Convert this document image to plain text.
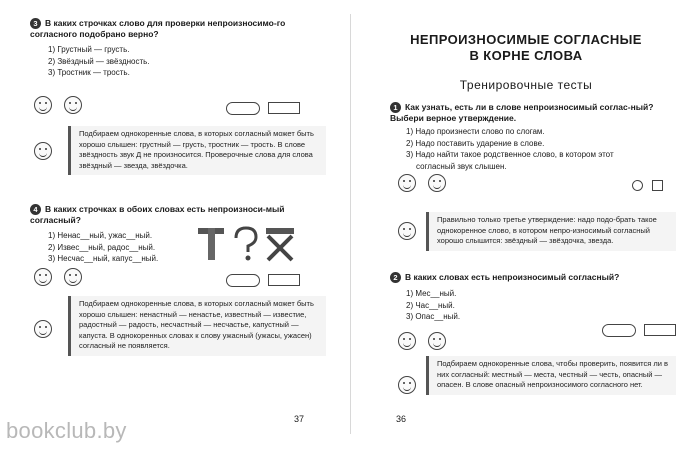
3 В каких строчках слово для проверки непроизносимо-го согласного подобрано верно?
1) Грустный — грусть.
2) Звёздный — звёздность.
3) Тростник — трость.
Подбираем однокоренные слова, в которых согласный может быть хорошо слышен: грустный — грусть, тростник — трость. В слове звёздность звук Д не произносится. Проверочные слова для слова звёздный — звезда, звёздочка.
4 В каких строчках в обоих словах есть непроизноси-мый согласный?
1) Ненас__ный, ужас__ный.
2) Извес__ный, радос__ный.
3) Несчас__ный, капус__ный.
Подбираем однокоренные слова, в которых согласный может быть хорошо слышен: ненастный — ненастье, известный — известие, радостный — радость, несчастный — несчастье, капустный — капуста. В однокоренных словах к слову ужасный (ужасы, ужасен) согласный не появляется.
37
НЕПРОИЗНОСИМЫЕ СОГЛАСНЫЕ
В КОРНЕ СЛОВА
Тренировочные тесты
1 Как узнать, есть ли в слове непроизносимый соглас-ный? Выбери верное утверждение.
1) Надо произнести слово по слогам.
2) Надо поставить ударение в слове.
3) Надо найти такое родственное слово, в котором этот
согласный звук слышен.
Правильно только третье утверждение: надо подо-брать такое однокоренное слово, в котором непро-износимый согласный хорошо слышится: звёздный — звёздочка, звезда.
2 В каких словах есть непроизносимый согласный?
1) Мес__ный.
2) Час__ный.
3) Опас__ный.
Подбираем однокоренные слова, чтобы проверить, появится ли в них согласный: местный — места, честный — честь, опасный — опасен. В слове опасный непроизносимого согласного нет.
36
bookclub.by
